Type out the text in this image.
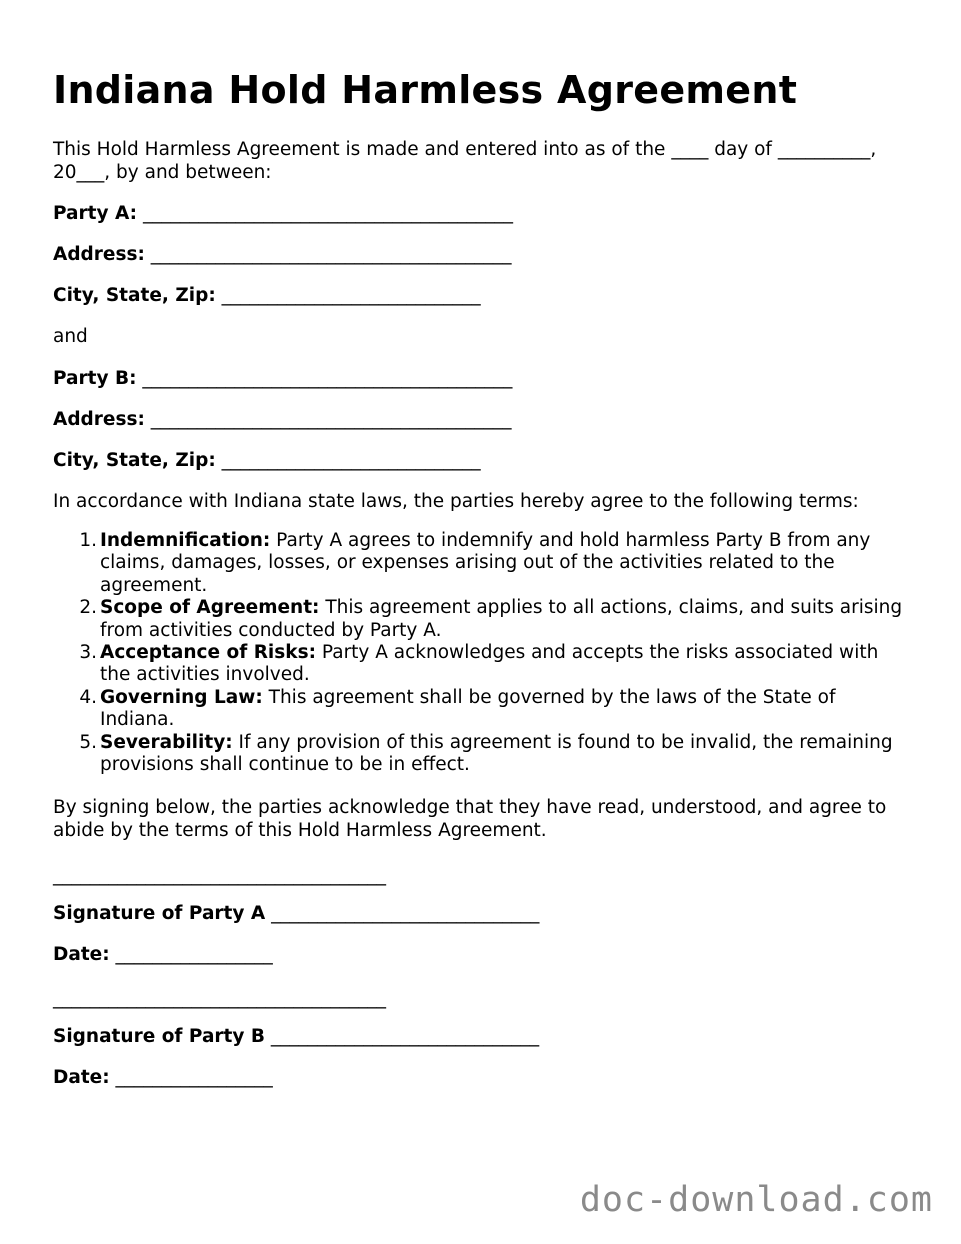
Indiana Hold Harmless Agreement

This Hold Harmless Agreement is made and entered into as of the ____ day of __________, 20___, by and between:

Party A: ________________________________________

Address: _______________________________________

City, State, Zip: ____________________________

and

Party B: ________________________________________

Address: _______________________________________

City, State, Zip: ____________________________

In accordance with Indiana state laws, the parties hereby agree to the following terms:

1. Indemnification: Party A agrees to indemnify and hold harmless Party B from any claims, damages, losses, or expenses arising out of the activities related to the agreement.
2. Scope of Agreement: This agreement applies to all actions, claims, and suits arising from activities conducted by Party A.
3. Acceptance of Risks: Party A acknowledges and accepts the risks associated with the activities involved.
4. Governing Law: This agreement shall be governed by the laws of the State of Indiana.
5. Severability: If any provision of this agreement is found to be invalid, the remaining provisions shall continue to be in effect.

By signing below, the parties acknowledge that they have read, understood, and agree to abide by the terms of this Hold Harmless Agreement.

____________________________________

Signature of Party A _____________________________

Date: _________________

____________________________________

Signature of Party B _____________________________

Date: _________________

doc-download.com
